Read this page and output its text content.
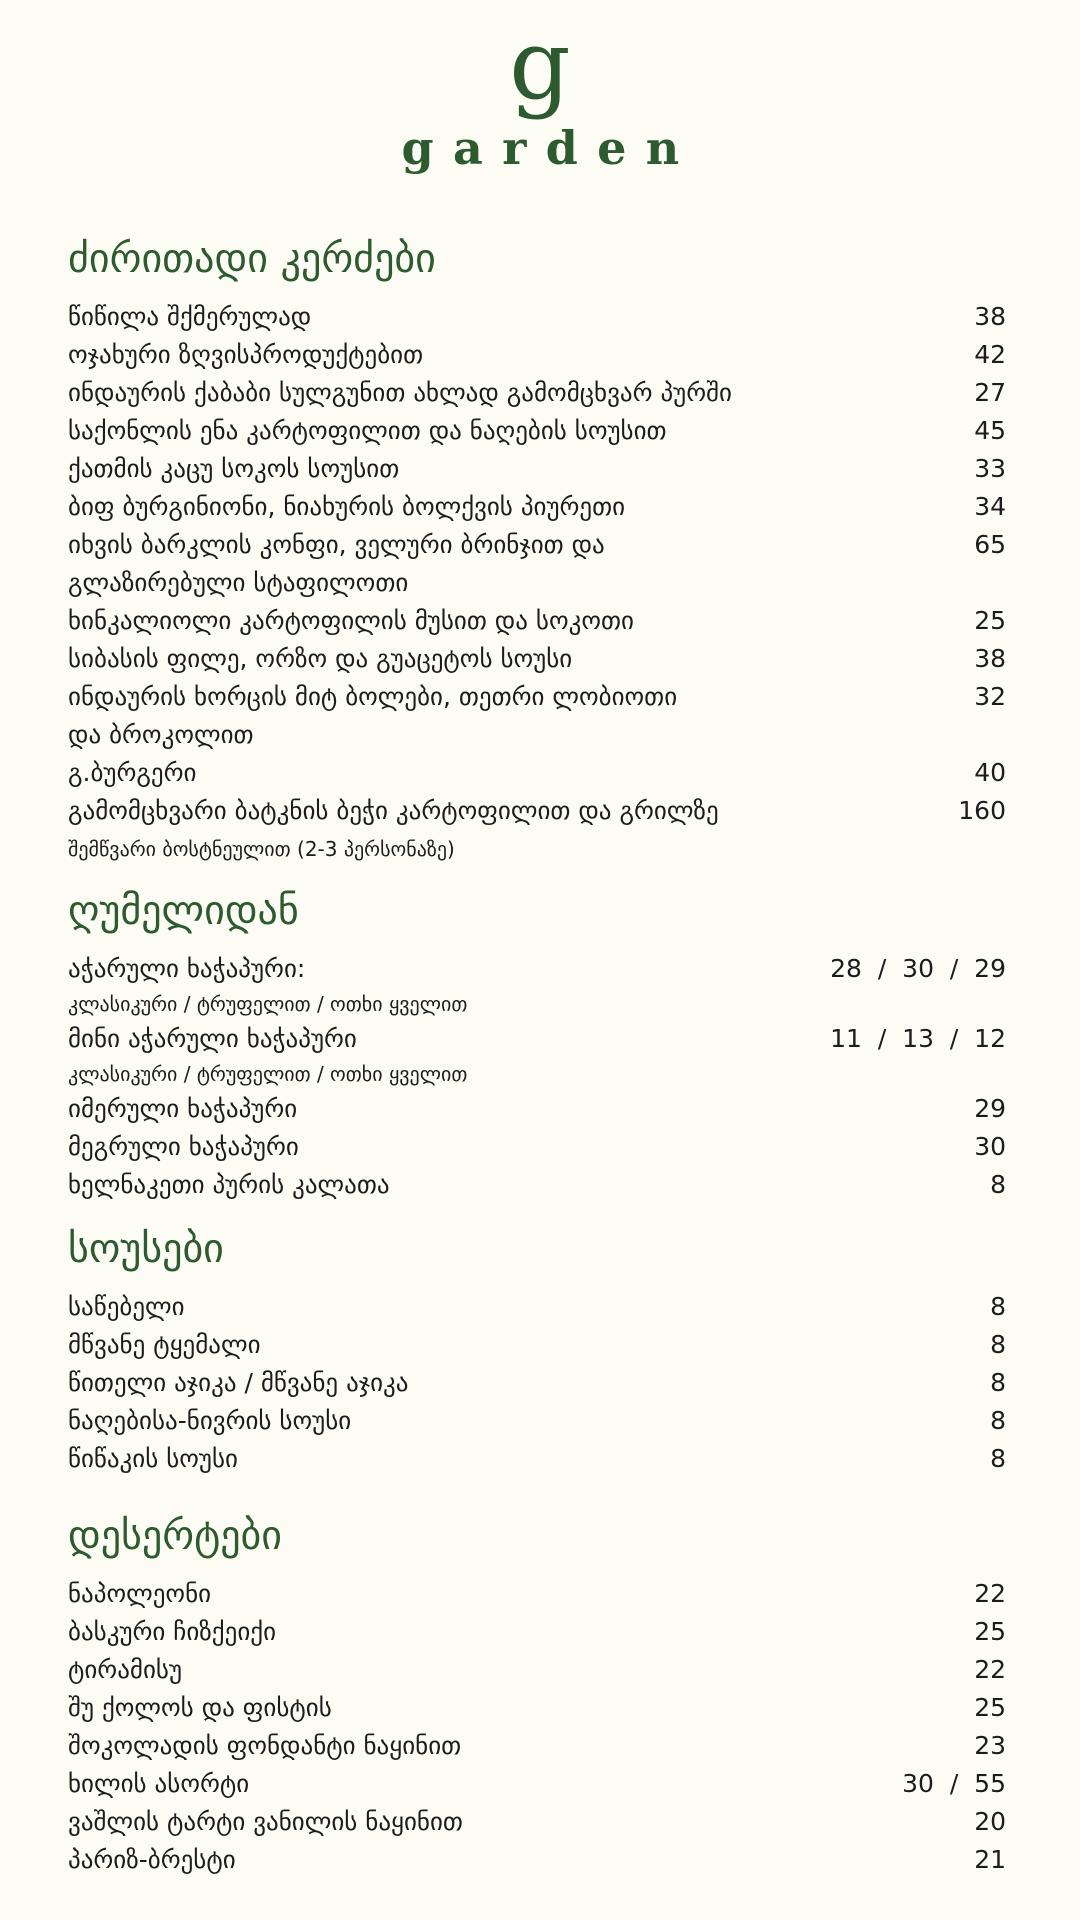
g
garden
ძირითადი კერძები
წიწილა შქმერულად	38
ოჯახური ზღვისპროდუქტებით	42
ინდაურის ქაბაბი სულგუნით ახლად გამომცხვარ პურში	27
საქონლის ენა კარტოფილით და ნაღების სოუსით	45
ქათმის კაცუ სოკოს სოუსით	33
ბიფ ბურგინიონი, ნიახურის ბოლქვის პიურეთი	34
იხვის ბარკლის კონფი, ველური ბრინჯით და	65
გლაზირებული სტაფილოთი
ხინკალიოლი კარტოფილის მუსით და სოკოთი	25
სიბასის ფილე, ორზო და გუაცეტოს სოუსი	38
ინდაურის ხორცის მიტ ბოლები, თეთრი ლობიოთი	32
და ბროკოლით
გ.ბურგერი	40
გამომცხვარი ბატკნის ბეჭი კარტოფილით და გრილზე	160
შემწვარი ბოსტნეულით (2-3 პერსონაზე)
ღუმელიდან
აჭარული ხაჭაპური:	28  /  30  /  29
კლასიკური / ტრუფელით / ოთხი ყველით
მინი აჭარული ხაჭაპური	11  /  13  /  12
კლასიკური / ტრუფელით / ოთხი ყველით
იმერული ხაჭაპური	29
მეგრული ხაჭაპური	30
ხელნაკეთი პურის კალათა	8
სოუსები
საწებელი	8
მწვანე ტყემალი	8
წითელი აჯიკა / მწვანე აჯიკა	8
ნაღებისა-ნივრის სოუსი	8
წიწაკის სოუსი	8
დესერტები
ნაპოლეონი	22
ბასკური ჩიზქეიქი	25
ტირამისუ	22
შუ ქოლოს და ფისტის	25
შოკოლადის ფონდანტი ნაყინით	23
ხილის ასორტი	30  /  55
ვაშლის ტარტი ვანილის ნაყინით	20
პარიზ-ბრესტი	21
